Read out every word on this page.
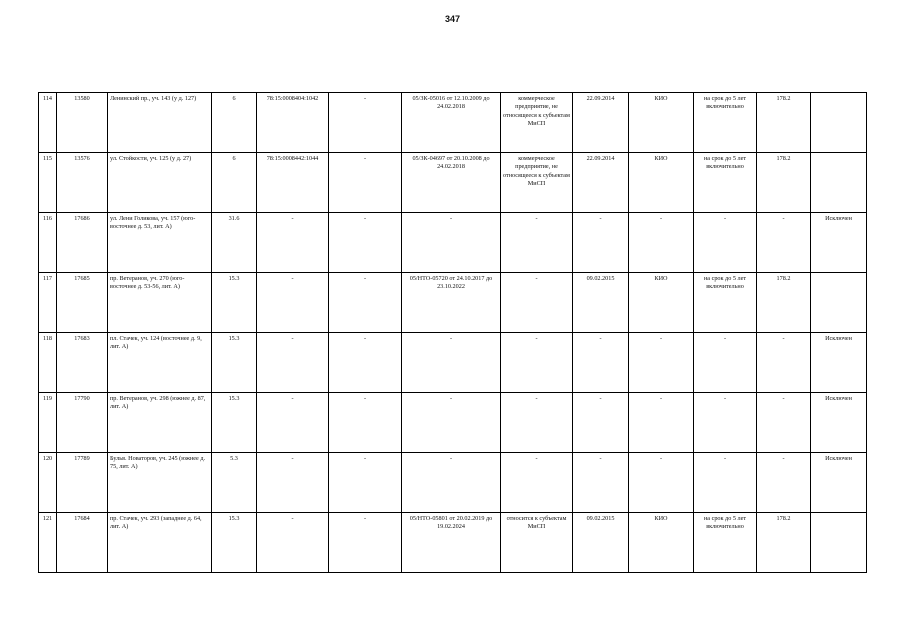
347
114	13580	Ленинский пр., уч. 143 (у д. 127)	6	78:15:0008404:1042	-	05/ЗК-05016 от 12.10.2009 до 24.02.2018	коммерческое предприятие, не относящееся к субъектам МиСП	22.09.2014	КИО	на срок до 5 лет включительно	178.2	
115	13576	ул. Стойкости, уч. 125 (у д. 27)	6	78:15:0008442:1044	-	05/ЗК-04697 от 20.10.2008 до 24.02.2018	коммерческое предприятие, не относящееся к субъектам МиСП	22.09.2014	КИО	на срок до 5 лет включительно	178.2	
116	17686	ул. Лени Голикова, уч. 157 (юго-восточнее д. 53, лит. А)	31.6	-	-	-	-	-	-	-	-	Исключен
117	17685	пр. Ветеранов, уч. 270 (юго-восточнее д. 53-56, лит. А)	15.3	-	-	05/НТО-05720 от 24.10.2017 до 23.10.2022	-	09.02.2015	КИО	на срок до 5 лет включительно	178.2	
118	17683	пл. Стачек, уч. 124 (восточнее д. 9, лит. А)	15.3	-	-	-	-	-	-	-	-	Исключен
119	17790	пр. Ветеранов, уч. 298 (южнее д. 87, лит. А)	15.3	-	-	-	-	-	-	-	-	Исключен
120	17789	Бульв. Новаторов, уч. 245 (южнее д. 75, лит. А)	5.3	-	-	-	-	-	-	-	-	Исключен
121	17684	пр. Стачек, уч. 293 (западнее д. 64, лит. А)	15.3	-	-	05/НТО-05801 от 20.02.2019 до 19.02.2024	относится к субъектам МиСП	09.02.2015	КИО	на срок до 5 лет включительно	178.2	
